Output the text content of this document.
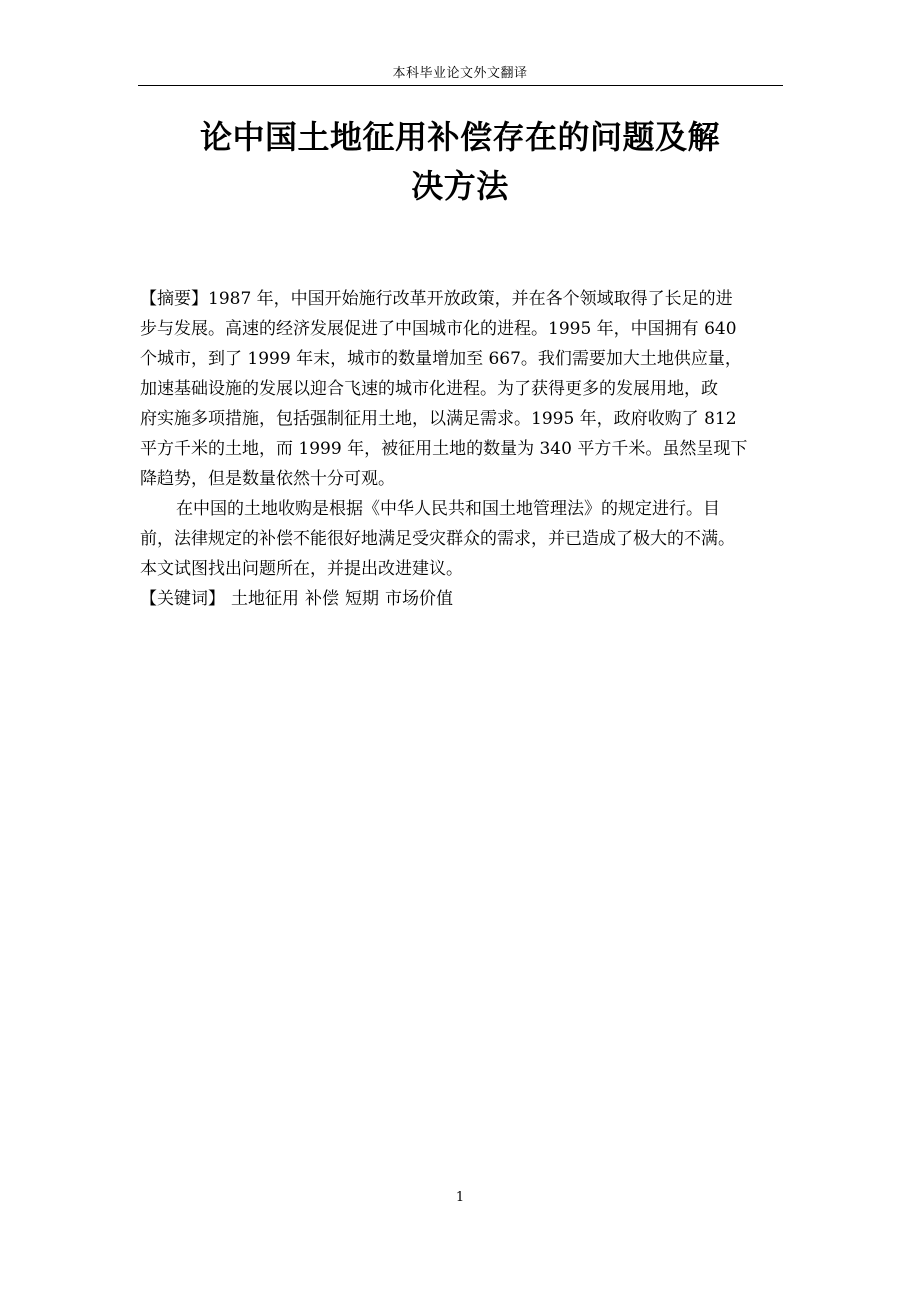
本科毕业论文外文翻译
论中国土地征用补偿存在的问题及解
决方法

【摘要】1987 年，中国开始施行改革开放政策，并在各个领域取得了长足的进
步与发展。高速的经济发展促进了中国城市化的进程。1995 年，中国拥有 640
个城市，到了 1999 年末，城市的数量增加至 667。我们需要加大土地供应量，
加速基础设施的发展以迎合飞速的城市化进程。为了获得更多的发展用地，政
府实施多项措施，包括强制征用土地，以满足需求。1995 年，政府收购了 812
平方千米的土地，而 1999 年，被征用土地的数量为 340 平方千米。虽然呈现下
降趋势，但是数量依然十分可观。

在中国的土地收购是根据《中华人民共和国土地管理法》的规定进行。目
前，法律规定的补偿不能很好地满足受灾群众的需求，并已造成了极大的不满。
本文试图找出问题所在，并提出改进建议。

【关键词】 土地征用 补偿 短期 市场价值

1
